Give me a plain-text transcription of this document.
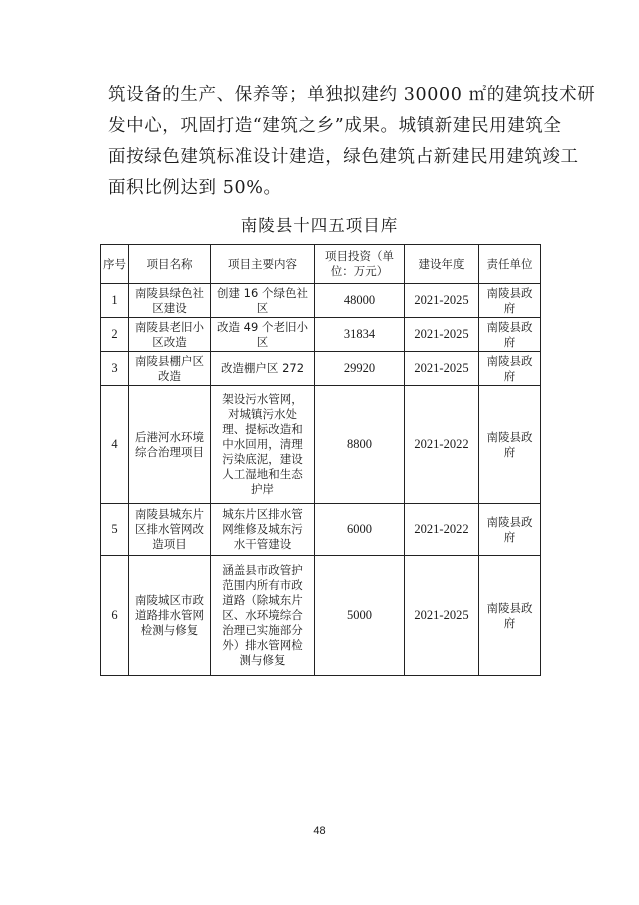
筑设备的生产、保养等；单独拟建约 30000 ㎡的建筑技术研
发中心，巩固打造“建筑之乡”成果。城镇新建民用建筑全
面按绿色建筑标准设计建造，绿色建筑占新建民用建筑竣工
面积比例达到 50%。
南陵县十四五项目库
序号	项目名称	项目主要内容	项目投资（单位：万元）	建设年度	责任单位
1	南陵县绿色社区建设	创建 16 个绿色社区	48000	2021-2025	南陵县政府
2	南陵县老旧小区改造	改造 49 个老旧小区	31834	2021-2025	南陵县政府
3	南陵县棚户区改造	改造棚户区 272	29920	2021-2025	南陵县政府
4	后港河水环境综合治理项目	架设污水管网，对城镇污水处理、提标改造和中水回用，清理污染底泥，建设人工湿地和生态护岸	8800	2021-2022	南陵县政府
5	南陵县城东片区排水管网改造项目	城东片区排水管网维修及城东污水干管建设	6000	2021-2022	南陵县政府
6	南陵城区市政道路排水管网检测与修复	涵盖县市政管护范围内所有市政道路（除城东片区、水环境综合治理已实施部分外）排水管网检测与修复	5000	2021-2025	南陵县政府
48
